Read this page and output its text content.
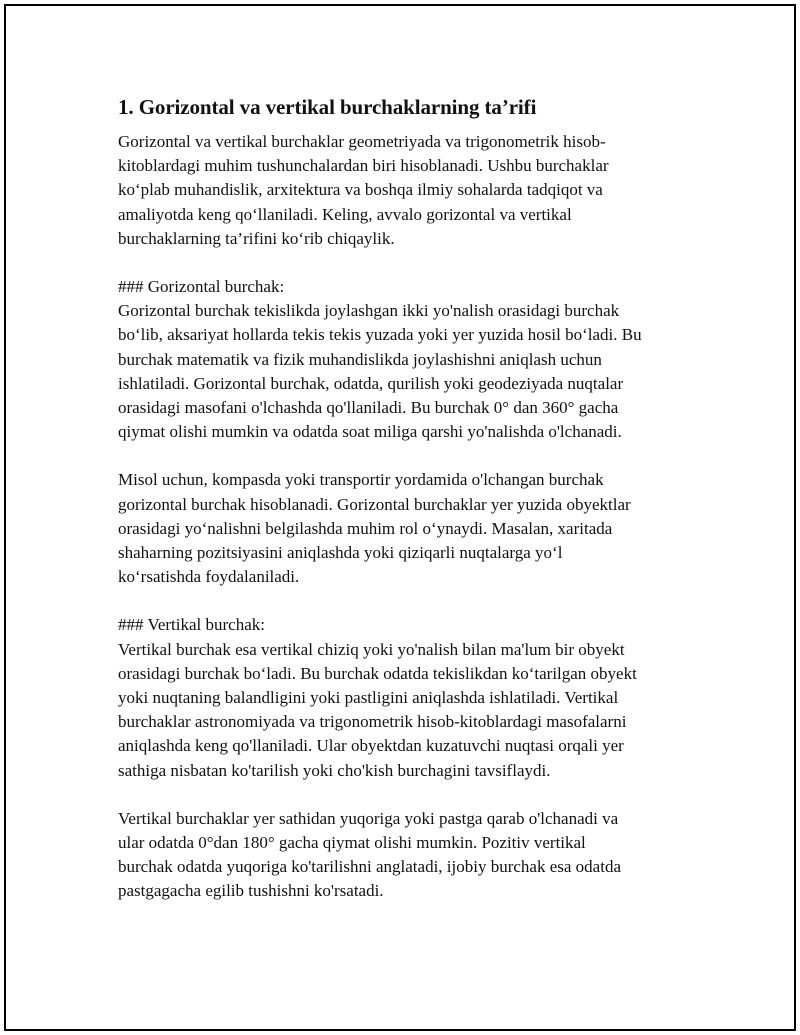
1. Gorizontal va vertikal burchaklarning ta’rifi
Gorizontal va vertikal burchaklar geometriyada va trigonometrik hisob-
kitoblardagi muhim tushunchalardan biri hisoblanadi. Ushbu burchaklar
ko‘plab muhandislik, arxitektura va boshqa ilmiy sohalarda tadqiqot va
amaliyotda keng qo‘llaniladi. Keling, avvalo gorizontal va vertikal
burchaklarning ta’rifini ko‘rib chiqaylik.
### Gorizontal burchak:
Gorizontal burchak tekislikda joylashgan ikki yo'nalish orasidagi burchak
bo‘lib, aksariyat hollarda tekis tekis yuzada yoki yer yuzida hosil bo‘ladi. Bu
burchak matematik va fizik muhandislikda joylashishni aniqlash uchun
ishlatiladi. Gorizontal burchak, odatda, qurilish yoki geodeziyada nuqtalar
orasidagi masofani o'lchashda qo'llaniladi. Bu burchak 0° dan 360° gacha
qiymat olishi mumkin va odatda soat miliga qarshi yo'nalishda o'lchanadi.
Misol uchun, kompasda yoki transportir yordamida o'lchangan burchak
gorizontal burchak hisoblanadi. Gorizontal burchaklar yer yuzida obyektlar
orasidagi yo‘nalishni belgilashda muhim rol o‘ynaydi. Masalan, xaritada
shaharning pozitsiyasini aniqlashda yoki qiziqarli nuqtalarga yo‘l
ko‘rsatishda foydalaniladi.
### Vertikal burchak:
Vertikal burchak esa vertikal chiziq yoki yo'nalish bilan ma'lum bir obyekt
orasidagi burchak bo‘ladi. Bu burchak odatda tekislikdan ko‘tarilgan obyekt
yoki nuqtaning balandligini yoki pastligini aniqlashda ishlatiladi. Vertikal
burchaklar astronomiyada va trigonometrik hisob-kitoblardagi masofalarni
aniqlashda keng qo'llaniladi. Ular obyektdan kuzatuvchi nuqtasi orqali yer
sathiga nisbatan ko'tarilish yoki cho'kish burchagini tavsiflaydi.
Vertikal burchaklar yer sathidan yuqoriga yoki pastga qarab o'lchanadi va
ular odatda 0°dan 180° gacha qiymat olishi mumkin. Pozitiv vertikal
burchak odatda yuqoriga ko'tarilishni anglatadi, ijobiy burchak esa odatda
pastgagacha egilib tushishni ko'rsatadi.
